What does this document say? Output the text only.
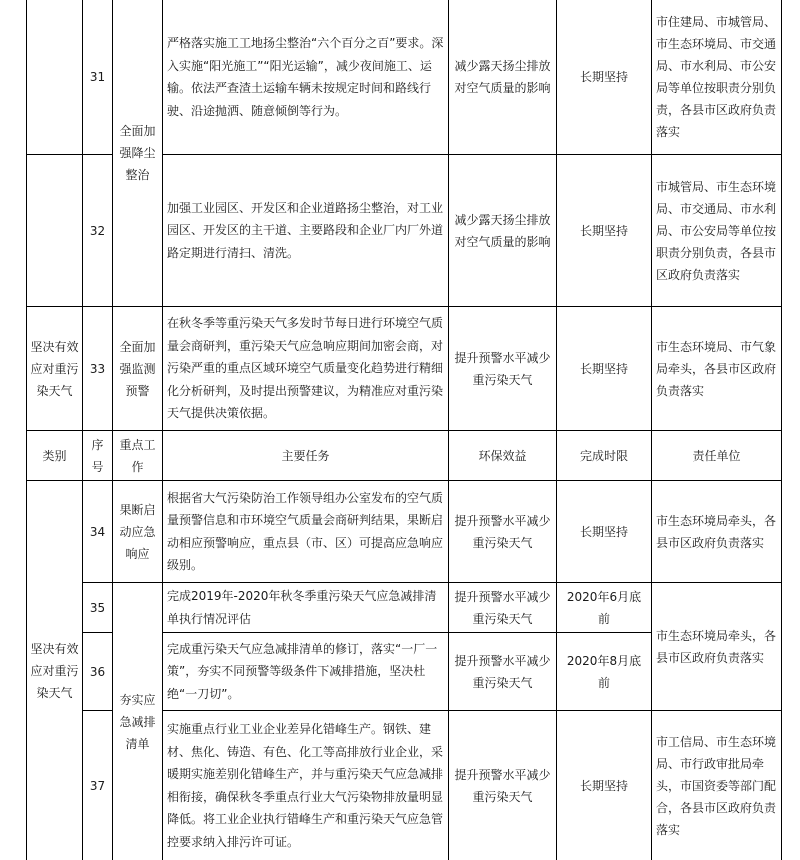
	31	全面加强降尘整治	严格落实施工工地扬尘整治“六个百分之百”要求。深入实施“阳光施工”“阳光运输”，减少夜间施工、运输。依法严查渣土运输车辆未按规定时间和路线行驶、沿途抛洒、随意倾倒等行为。	减少露天扬尘排放对空气质量的影响	长期坚持	市住建局、市城管局、市生态环境局、市交通局、市水利局、市公安局等单位按职责分别负责，各县市区政府负责落实
	32		加强工业园区、开发区和企业道路扬尘整治，对工业园区、开发区的主干道、主要路段和企业厂内厂外道路定期进行清扫、清洗。	减少露天扬尘排放对空气质量的影响	长期坚持	市城管局、市生态环境局、市交通局、市水利局、市公安局等单位按职责分别负责，各县市区政府负责落实
坚决有效应对重污染天气	33	全面加强监测预警	在秋冬季等重污染天气多发时节每日进行环境空气质量会商研判，重污染天气应急响应期间加密会商，对污染严重的重点区域环境空气质量变化趋势进行精细化分析研判，及时提出预警建议，为精准应对重污染天气提供决策依据。	提升预警水平减少重污染天气	长期坚持	市生态环境局、市气象局牵头，各县市区政府负责落实
类别	序号	重点工作	主要任务	环保效益	完成时限	责任单位
坚决有效应对重污染天气	34	果断启动应急响应	根据省大气污染防治工作领导组办公室发布的空气质量预警信息和市环境空气质量会商研判结果，果断启动相应预警响应，重点县（市、区）可提高应急响应级别。	提升预警水平减少重污染天气	长期坚持	市生态环境局牵头，各县市区政府负责落实
	35	夯实应急减排清单	完成2019年-2020年秋冬季重污染天气应急减排清单执行情况评估	提升预警水平减少重污染天气	2020年6月底前	市生态环境局牵头，各县市区政府负责落实
	36		完成重污染天气应急减排清单的修订，落实“一厂一策”，夯实不同预警等级条件下减排措施，坚决杜绝“一刀切”。	提升预警水平减少重污染天气	2020年8月底前	
	37		实施重点行业工业企业差异化错峰生产。钢铁、建材、焦化、铸造、有色、化工等高排放行业企业，采暖期实施差别化错峰生产，并与重污染天气应急减排相衔接，确保秋冬季重点行业大气污染物排放量明显降低。将工业企业执行错峰生产和重污染天气应急管控要求纳入排污许可证。	提升预警水平减少重污染天气	长期坚持	市工信局、市生态环境局、市行政审批局牵头，市国资委等部门配合，各县市区政府负责落实
